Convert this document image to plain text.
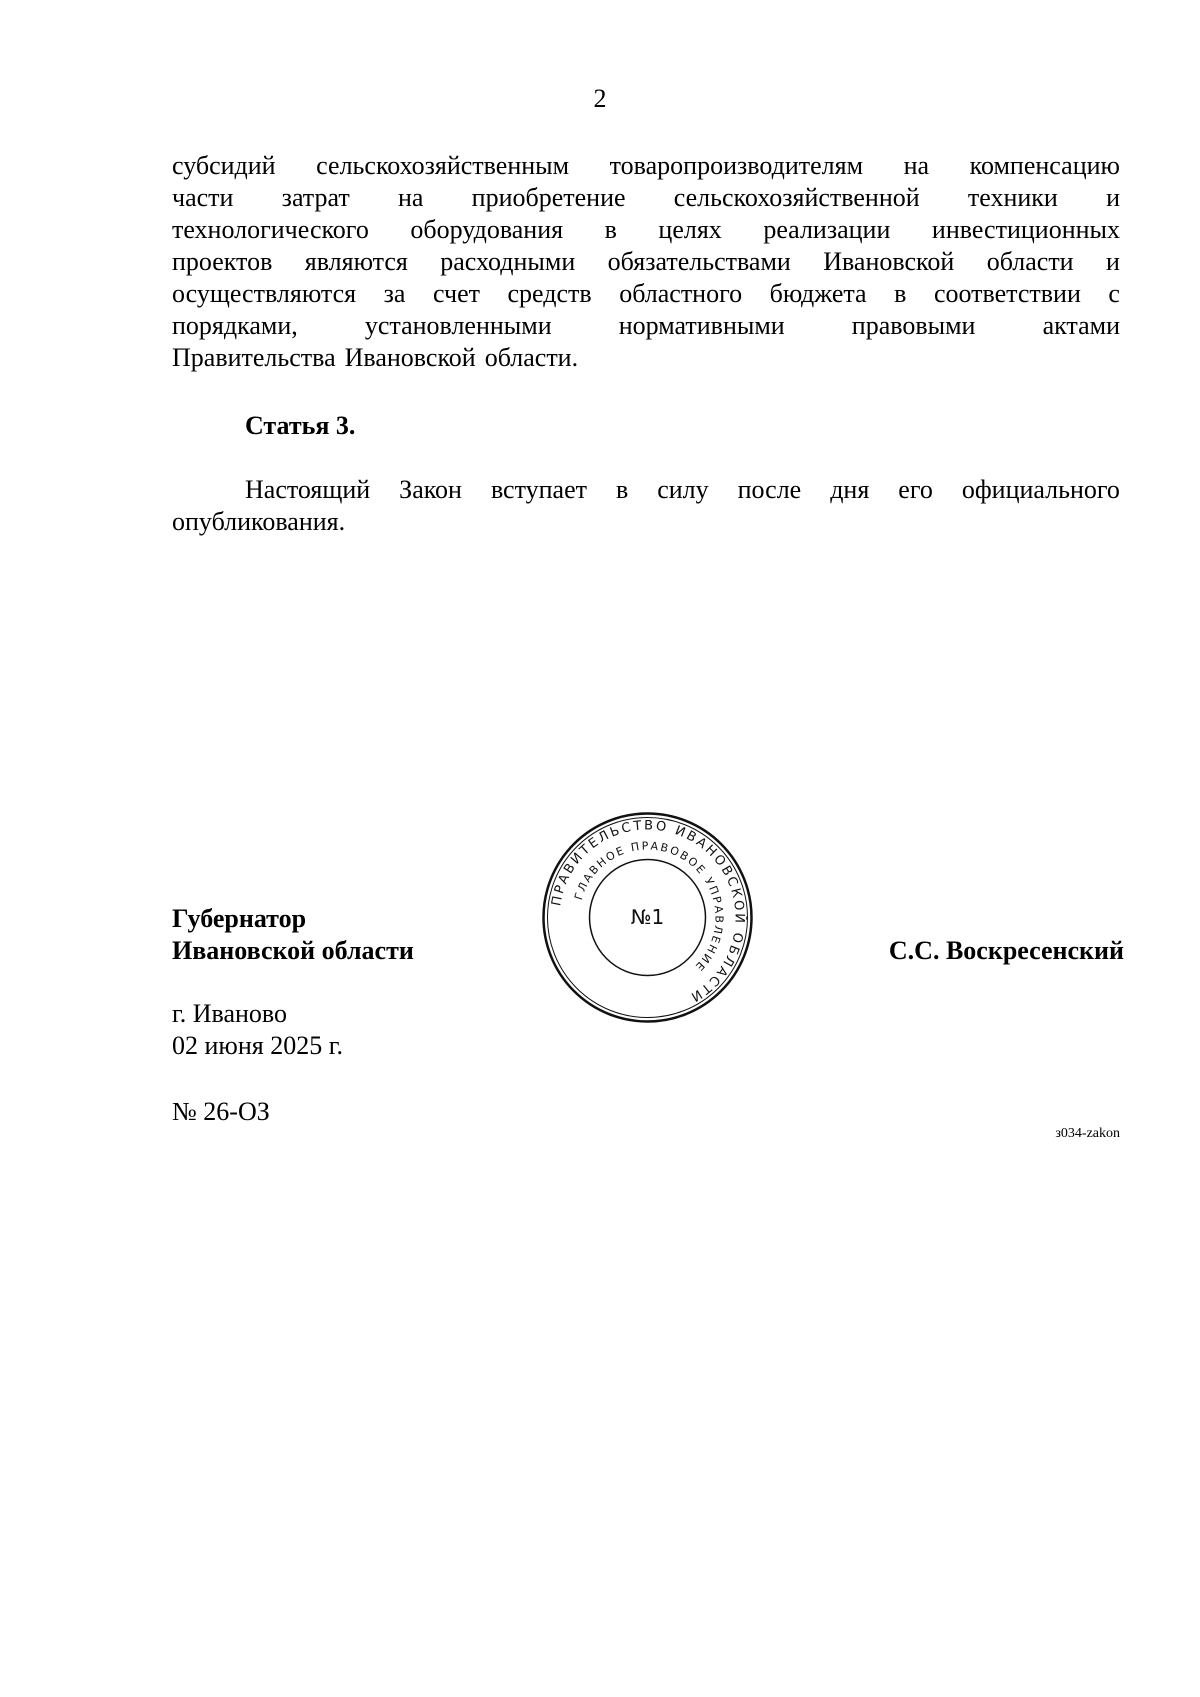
2
субсидий сельскохозяйственным товаропроизводителям на компенсацию
части затрат на приобретение сельскохозяйственной техники и
технологического оборудования в целях реализации инвестиционных
проектов являются расходными обязательствами Ивановской области и
осуществляются за счет средств областного бюджета в соответствии с
порядками,	установленными	нормативными	правовыми	актами
Правительства Ивановской области.
Статья 3.
Настоящий Закон вступает в силу после дня его официального
опубликования.
Губернатор
Ивановской области
ПРАВИТЕЛЬСТВО ИВАНОВСКОЙ ОБЛАСТИ
ГЛАВНОЕ ПРАВОВОЕ УПРАВЛЕНИЕ
№1
С.С. Воскресенский
г. Иваново
02 июня 2025 г.
№ 26-ОЗ
з034-zakon
